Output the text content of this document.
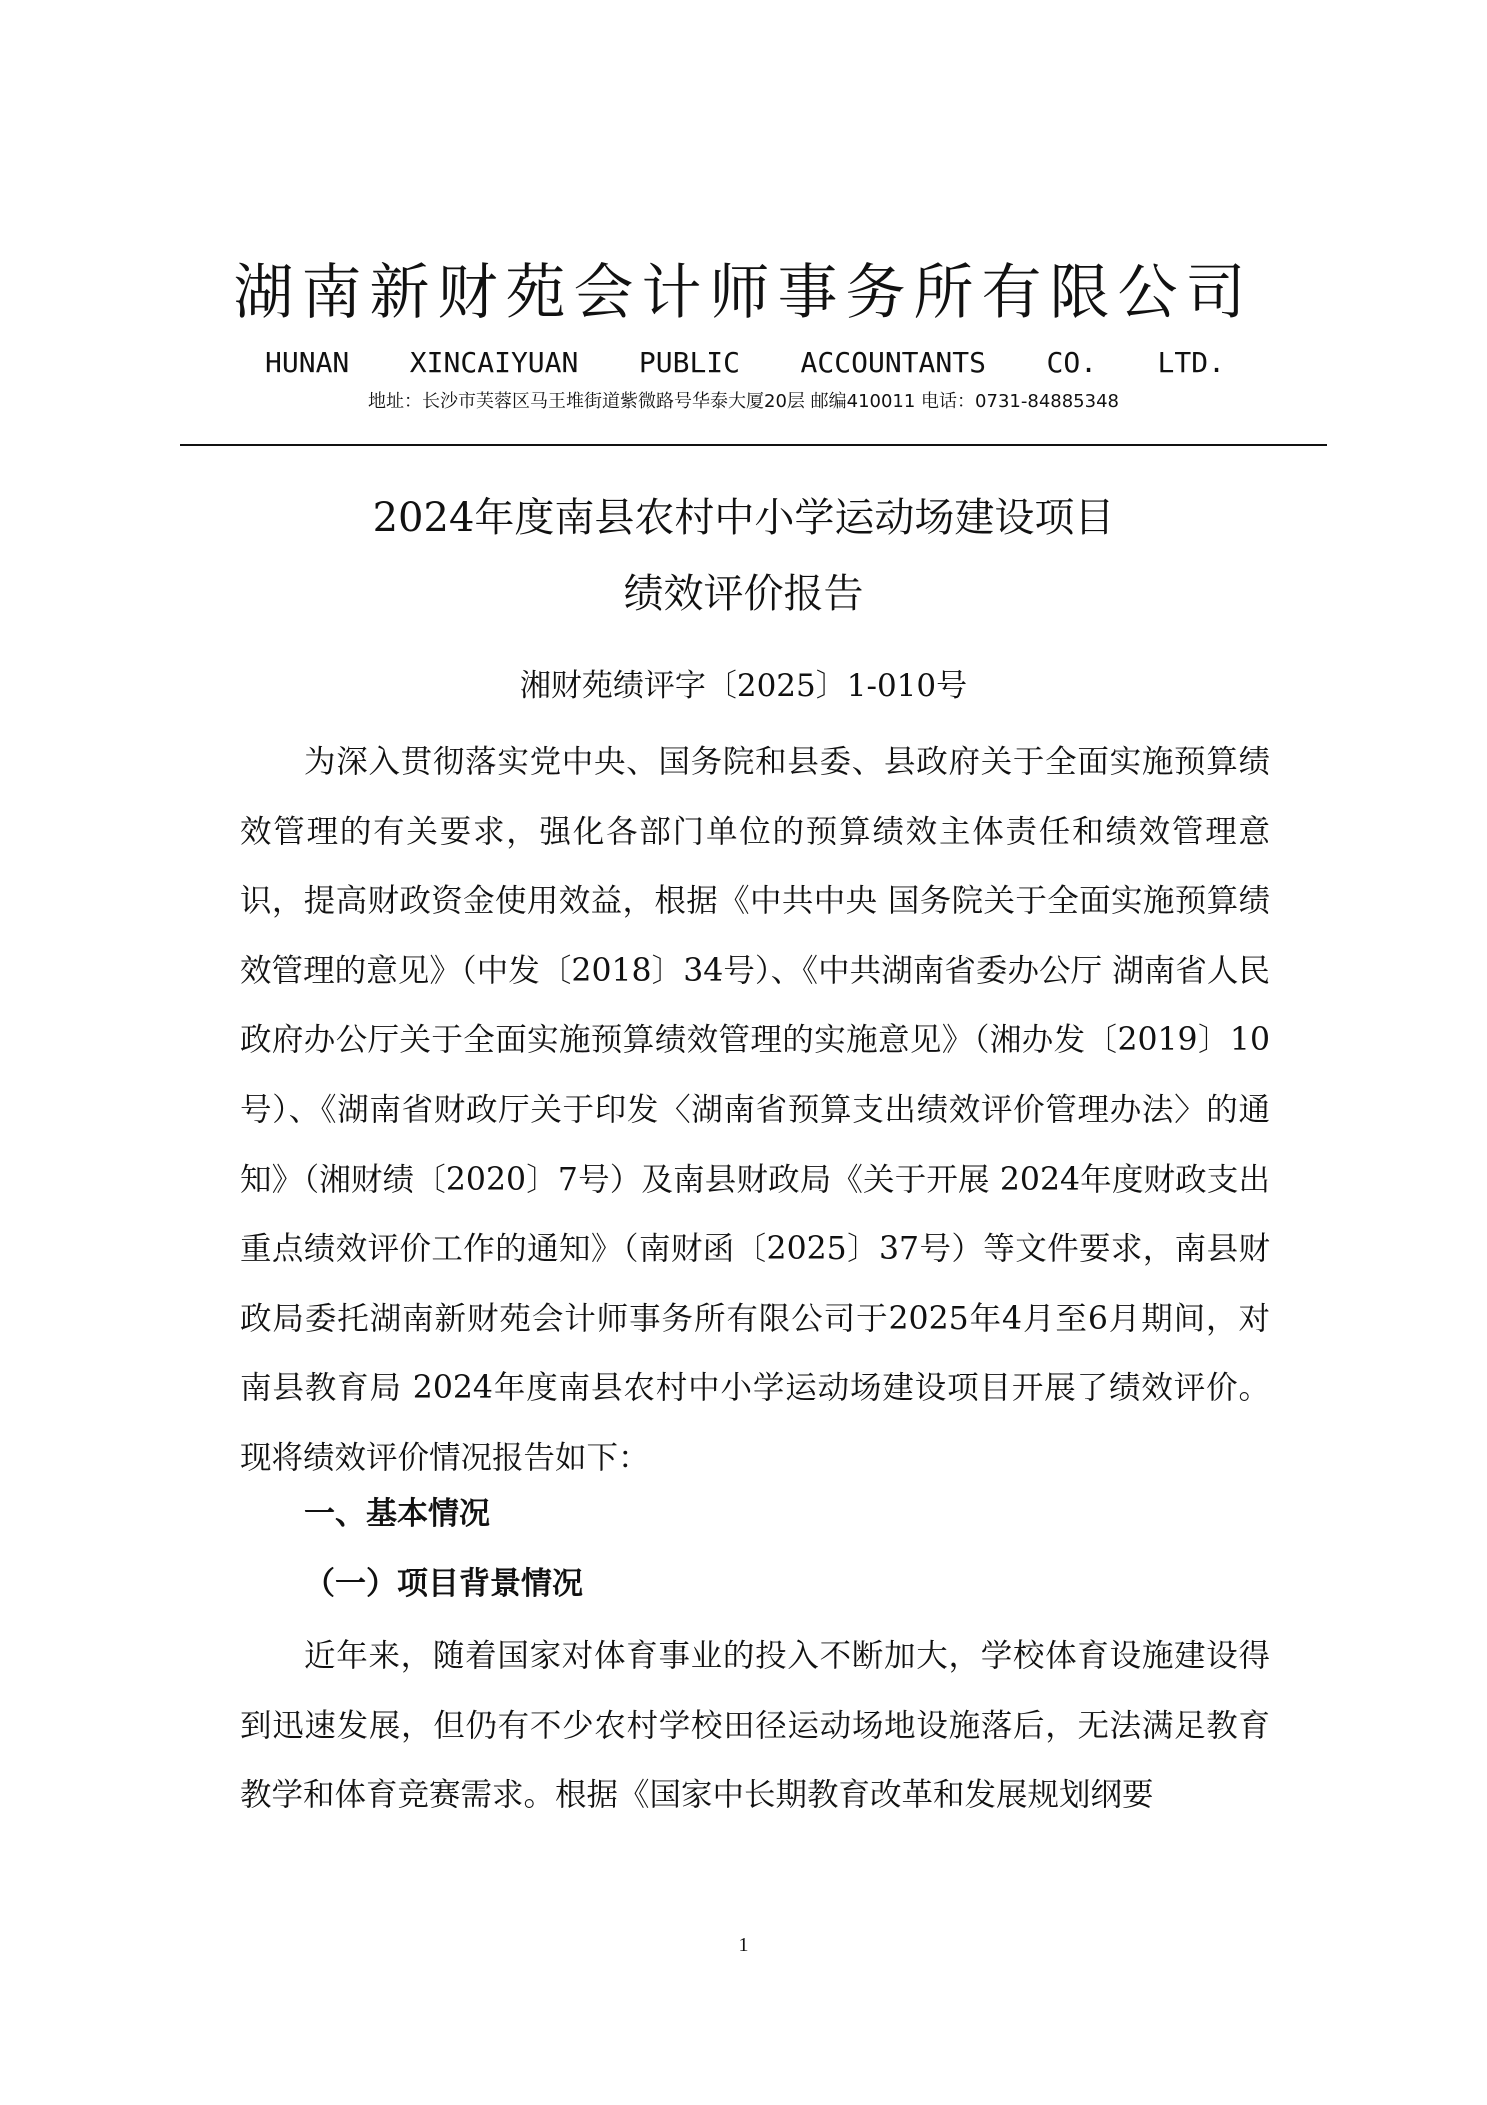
湖南新财苑会计师事务所有限公司
HUNAN XINCAIYUAN PUBLIC ACCOUNTANTS CO. LTD.
地址：长沙市芙蓉区马王堆街道紫微路号华泰大厦20层 邮编410011 电话：0731-84885348
2024年度南县农村中小学运动场建设项目
绩效评价报告
湘财苑绩评字〔2025〕1-010号
为深入贯彻落实党中央、国务院和县委、县政府关于全面实施预算绩效管理的有关要求，强化各部门单位的预算绩效主体责任和绩效管理意识，提高财政资金使用效益，根据《中共中央 国务院关于全面实施预算绩效管理的意见》（中发〔2018〕34号）、《中共湖南省委办公厅 湖南省人民政府办公厅关于全面实施预算绩效管理的实施意见》（湘办发〔2019〕10号）、《湖南省财政厅关于印发〈湖南省预算支出绩效评价管理办法〉的通知》（湘财绩〔2020〕7号）及南县财政局《关于开展 2024年度财政支出重点绩效评价工作的通知》（南财函〔2025〕37号）等文件要求，南县财政局委托湖南新财苑会计师事务所有限公司于2025年4月至6月期间，对南县教育局 2024年度南县农村中小学运动场建设项目开展了绩效评价。现将绩效评价情况报告如下：
一、基本情况
（一）项目背景情况
近年来，随着国家对体育事业的投入不断加大，学校体育设施建设得到迅速发展，但仍有不少农村学校田径运动场地设施落后，无法满足教育教学和体育竞赛需求。根据《国家中长期教育改革和发展规划纲要
1
